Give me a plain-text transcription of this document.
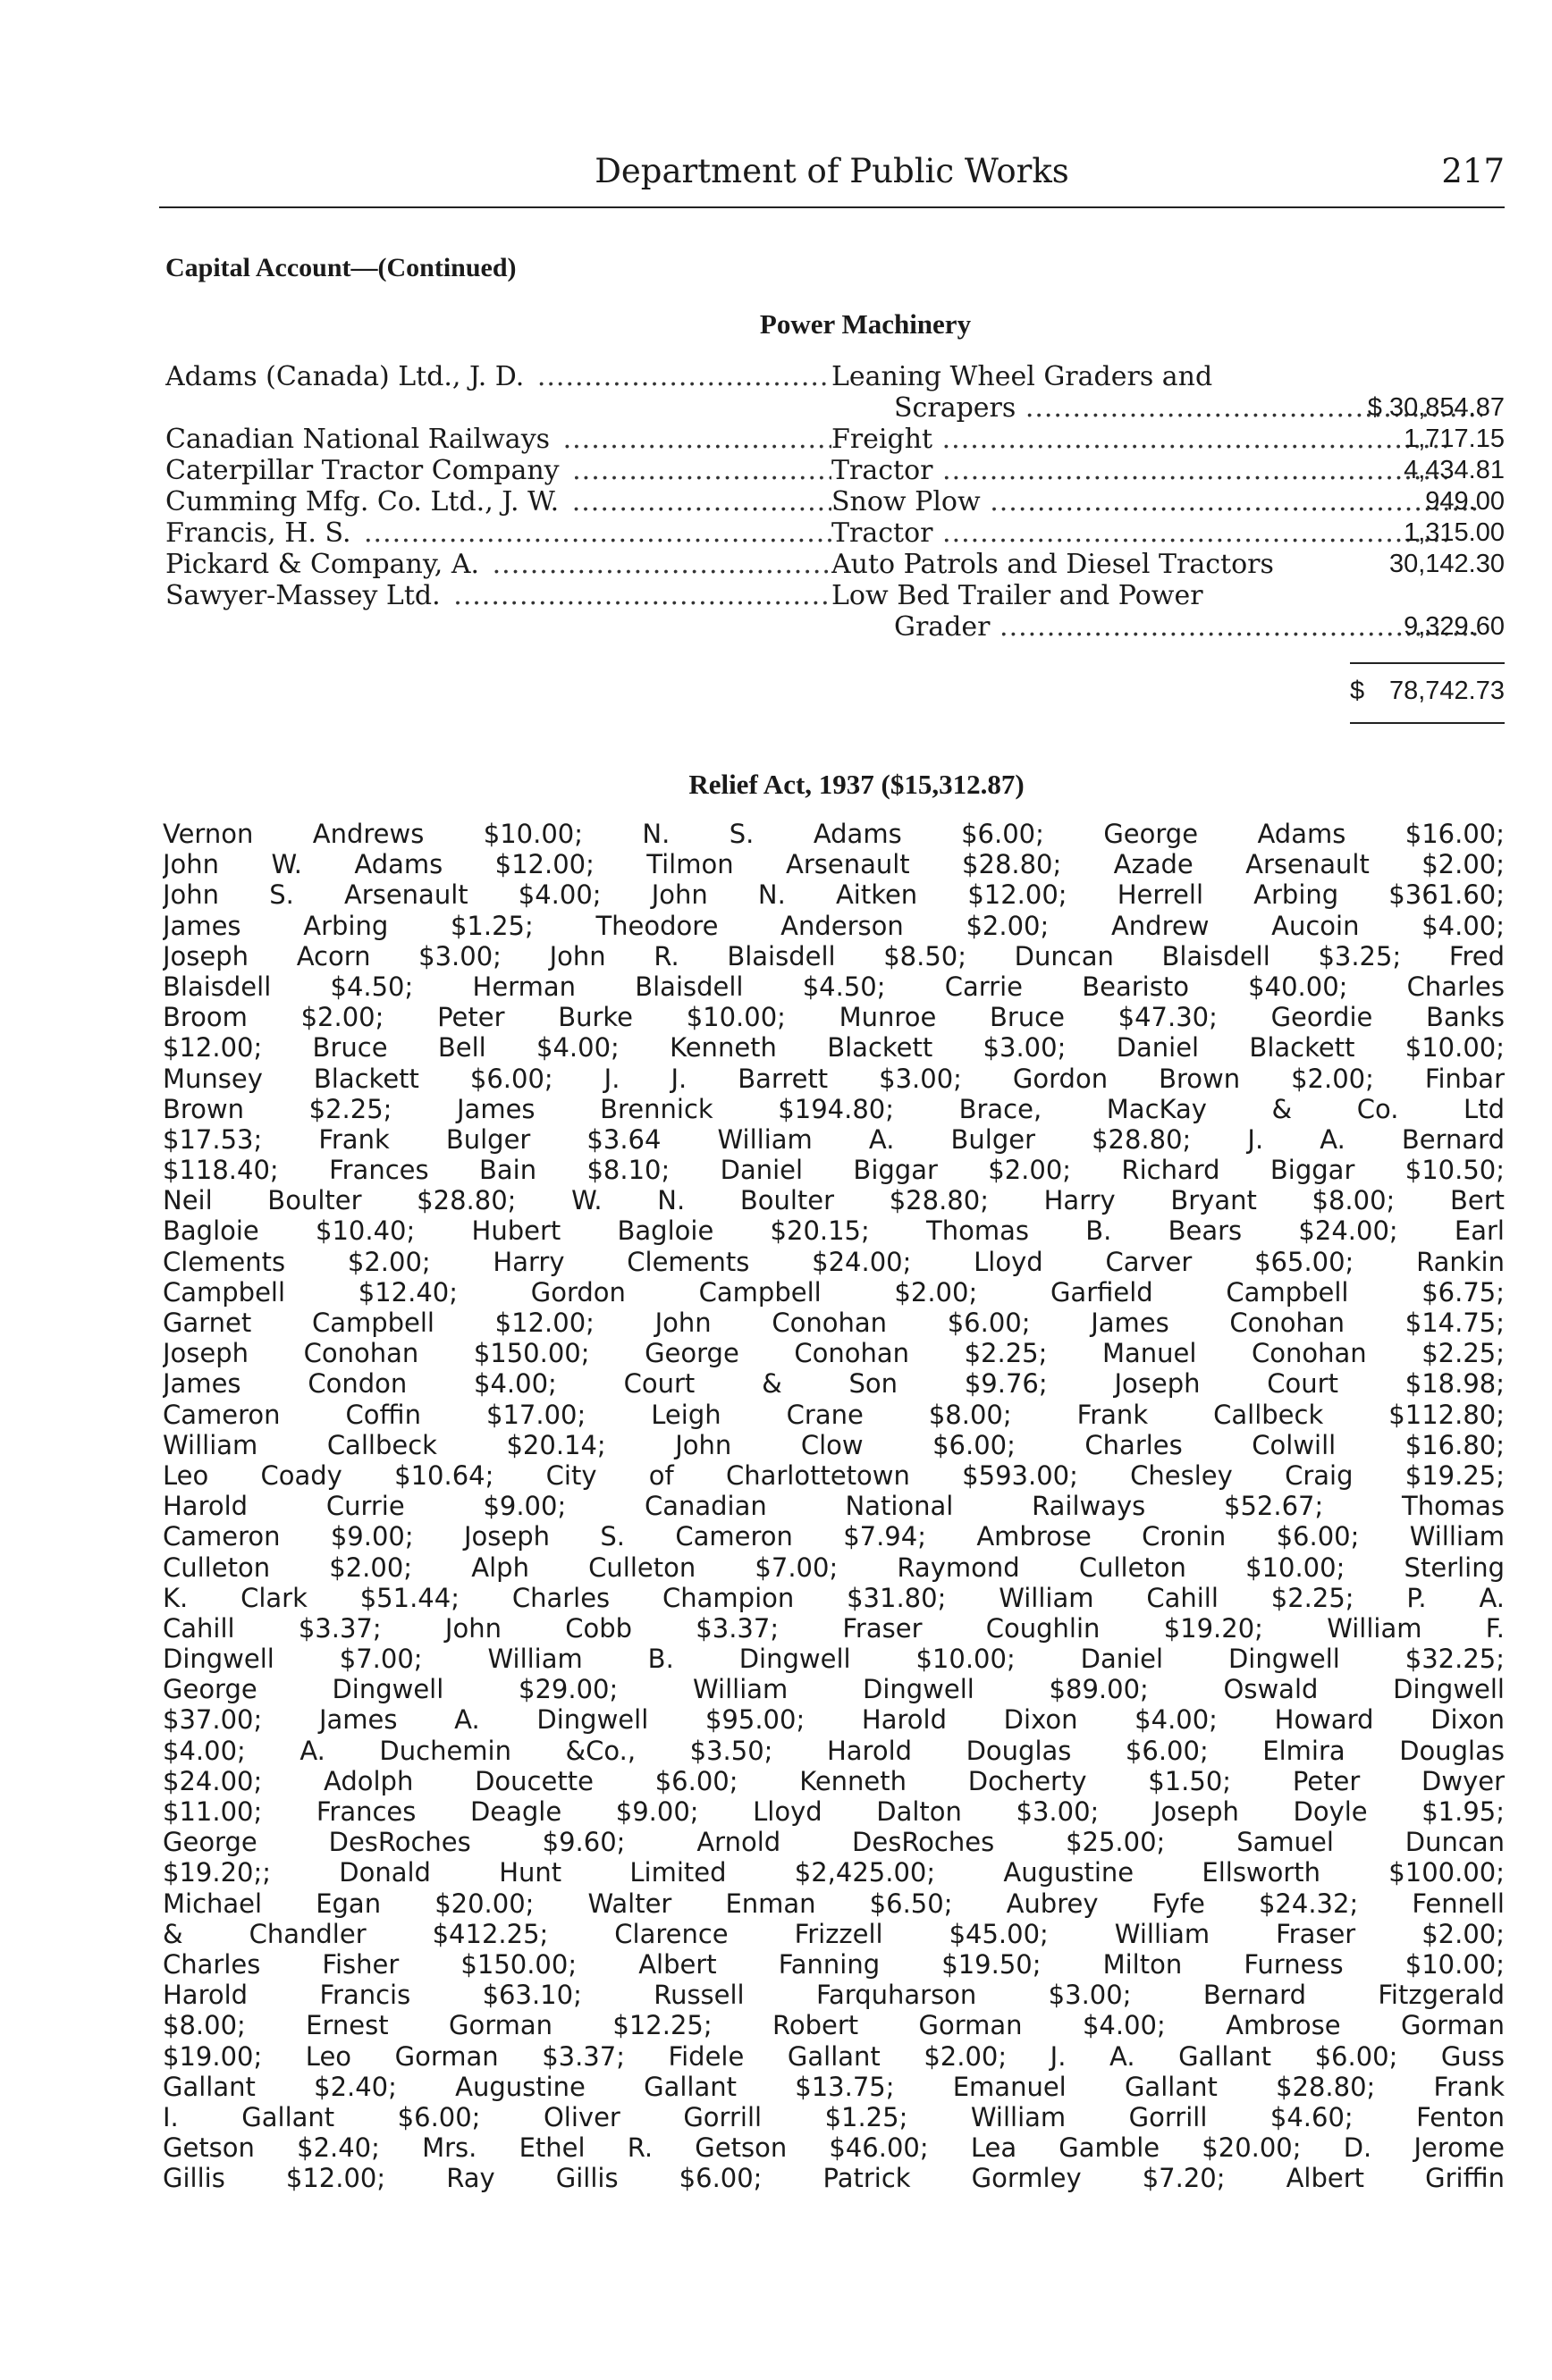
Department of Public Works	217
Capital Account—(Continued)
Power Machinery
Adams (Canada) Ltd., J. D. .....	Leaning Wheel Graders and
Scrapers .....	$ 30,854.87
Canadian National Railways .....	Freight .....	1,717.15
Caterpillar Tractor Company .....	Tractor .....	4,434.81
Cumming Mfg. Co. Ltd., J. W. .....	Snow Plow .....	949.00
Francis, H. S. .....	Tractor .....	1,315.00
Pickard & Company, A. .....	Auto Patrols and Diesel Tractors	30,142.30
Sawyer-Massey Ltd. .....	Low Bed Trailer and Power
Grader .....	9,329.60
$ 78,742.73
Relief Act, 1937 ($15,312.87)
Vernon Andrews $10.00; N. S. Adams $6.00; George Adams $16.00;
John W. Adams $12.00; Tilmon Arsenault $28.80; Azade Arsenault $2.00;
John S. Arsenault $4.00; John N. Aitken $12.00; Herrell Arbing $361.60;
James Arbing $1.25; Theodore Anderson $2.00; Andrew Aucoin $4.00;
Joseph Acorn $3.00; John R. Blaisdell $8.50; Duncan Blaisdell $3.25; Fred
Blaisdell $4.50; Herman Blaisdell $4.50; Carrie Bearisto $40.00; Charles
Broom $2.00; Peter Burke $10.00; Munroe Bruce $47.30; Geordie Banks
$12.00; Bruce Bell $4.00; Kenneth Blackett $3.00; Daniel Blackett $10.00;
Munsey Blackett $6.00; J. J. Barrett $3.00; Gordon Brown $2.00; Finbar
Brown $2.25; James Brennick $194.80; Brace, MacKay & Co. Ltd
$17.53; Frank Bulger $3.64 William A. Bulger $28.80; J. A. Bernard
$118.40; Frances Bain $8.10; Daniel Biggar $2.00; Richard Biggar $10.50;
Neil Boulter $28.80; W. N. Boulter $28.80; Harry Bryant $8.00; Bert
Bagloie $10.40; Hubert Bagloie $20.15; Thomas B. Bears $24.00; Earl
Clements $2.00; Harry Clements $24.00; Lloyd Carver $65.00; Rankin
Campbell $12.40; Gordon Campbell $2.00; Garfield Campbell $6.75;
Garnet Campbell $12.00; John Conohan $6.00; James Conohan $14.75;
Joseph Conohan $150.00; George Conohan $2.25; Manuel Conohan $2.25;
James Condon $4.00; Court & Son $9.76; Joseph Court $18.98;
Cameron Coffin $17.00; Leigh Crane $8.00; Frank Callbeck $112.80;
William Callbeck $20.14; John Clow $6.00; Charles Colwill $16.80;
Leo Coady $10.64; City of Charlottetown $593.00; Chesley Craig $19.25;
Harold Currie $9.00; Canadian National Railways $52.67; Thomas
Cameron $9.00; Joseph S. Cameron $7.94; Ambrose Cronin $6.00; William
Culleton $2.00; Alph Culleton $7.00; Raymond Culleton $10.00; Sterling
K. Clark $51.44; Charles Champion $31.80; William Cahill $2.25; P. A.
Cahill $3.37; John Cobb $3.37; Fraser Coughlin $19.20; William F.
Dingwell $7.00; William B. Dingwell $10.00; Daniel Dingwell $32.25;
George Dingwell $29.00; William Dingwell $89.00; Oswald Dingwell
$37.00; James A. Dingwell $95.00; Harold Dixon $4.00; Howard Dixon
$4.00; A. Duchemin &Co., $3.50; Harold Douglas $6.00; Elmira Douglas
$24.00; Adolph Doucette $6.00; Kenneth Docherty $1.50; Peter Dwyer
$11.00; Frances Deagle $9.00; Lloyd Dalton $3.00; Joseph Doyle $1.95;
George DesRoches $9.60; Arnold DesRoches $25.00; Samuel Duncan
$19.20;; Donald Hunt Limited $2,425.00; Augustine Ellsworth $100.00;
Michael Egan $20.00; Walter Enman $6.50; Aubrey Fyfe $24.32; Fennell
& Chandler $412.25; Clarence Frizzell $45.00; William Fraser $2.00;
Charles Fisher $150.00; Albert Fanning $19.50; Milton Furness $10.00;
Harold Francis $63.10; Russell Farquharson $3.00; Bernard Fitzgerald
$8.00; Ernest Gorman $12.25; Robert Gorman $4.00; Ambrose Gorman
$19.00; Leo Gorman $3.37; Fidele Gallant $2.00; J. A. Gallant $6.00; Guss
Gallant $2.40; Augustine Gallant $13.75; Emanuel Gallant $28.80; Frank
I. Gallant $6.00; Oliver Gorrill $1.25; William Gorrill $4.60; Fenton
Getson $2.40; Mrs. Ethel R. Getson $46.00; Lea Gamble $20.00; D. Jerome
Gillis $12.00; Ray Gillis $6.00; Patrick Gormley $7.20; Albert Griffin
